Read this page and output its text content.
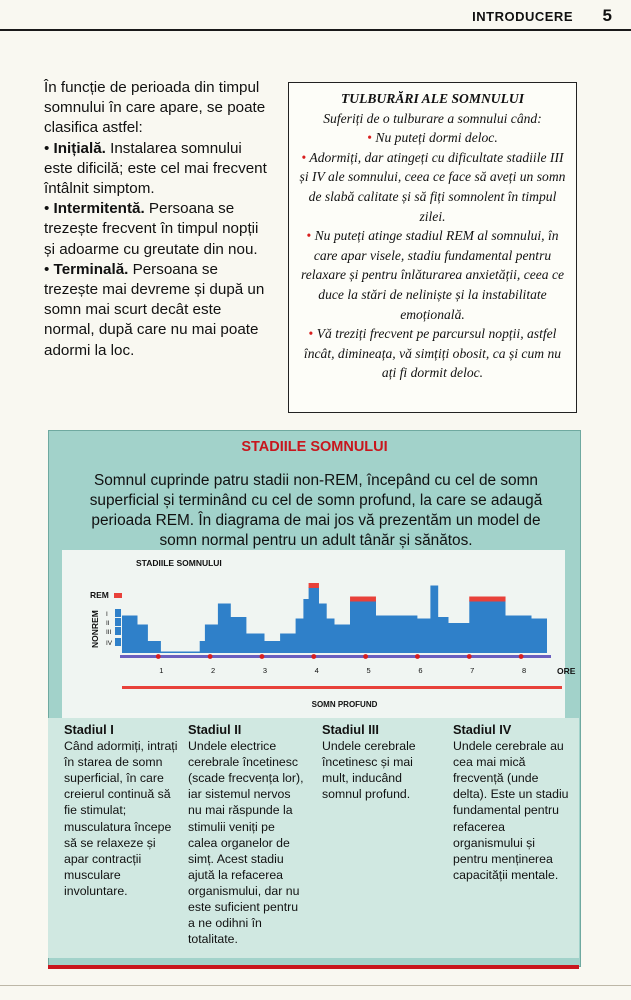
INTRODUCERE 5

În funcție de perioada din timpul somnului în care apare, se poate clasifica astfel:

• Inițială. Instalarea somnului este dificilă; este cel mai frecvent întâlnit simptom.

• Intermitentă. Persoana se trezește frecvent în timpul nopții și adoarme cu greutate din nou.

• Terminală. Persoana se trezește mai devreme și după un somn mai scurt decât este normal, după care nu mai poate adormi la loc.

TULBURĂRI ALE SOMNULUI

Suferiți de o tulburare a somnului când:

• Nu puteți dormi deloc.

• Adormiți, dar atingeți cu dificultate stadiile III și IV ale somnului, ceea ce face să aveți un somn de slabă calitate și să fiți somnolent în timpul zilei.

• Nu puteți atinge stadiul REM al somnului, în care apar visele, stadiu fundamental pentru relaxare și pentru înlăturarea anxietății, ceea ce duce la stări de neliniște și la instabilitate emoțională.

• Vă treziți frecvent pe parcursul nopții, astfel încât, dimineața, vă simțiți obosit, ca și cum nu ați fi dormit deloc.

STADIILE SOMNULUI
Somnul cuprinde patru stadii non-REM, începând cu cel de somn superficial și terminând cu cel de somn profund, la care se adaugă perioada REM. În diagrama de mai jos vă prezentăm un model de somn normal pentru un adult tânăr și sănătos.
STADIILE SOMNULUI
REM
NONREM I
II
III
IV
1	2	3	4	5	6	7	8	ORE
SOMN PROFUND
Stadiul I
Când adormiți, intrați în starea de somn superficial, în care creierul continuă să fie stimulat; musculatura începe să se relaxeze și apar contracții musculare involuntare.
Stadiul II
Undele electrice cerebrale încetinesc (scade frecvența lor), iar sistemul nervos nu mai răspunde la stimulii veniți pe calea organelor de simț. Acest stadiu ajută la refacerea organismului, dar nu este suficient pentru a ne odihni în totalitate.
Stadiul III
Undele cerebrale încetinesc și mai mult, inducând somnul profund.
Stadiul IV
Undele cerebrale au cea mai mică frecvență (unde delta). Este un stadiu fundamental pentru refacerea organismului și pentru menținerea capacității mentale.
